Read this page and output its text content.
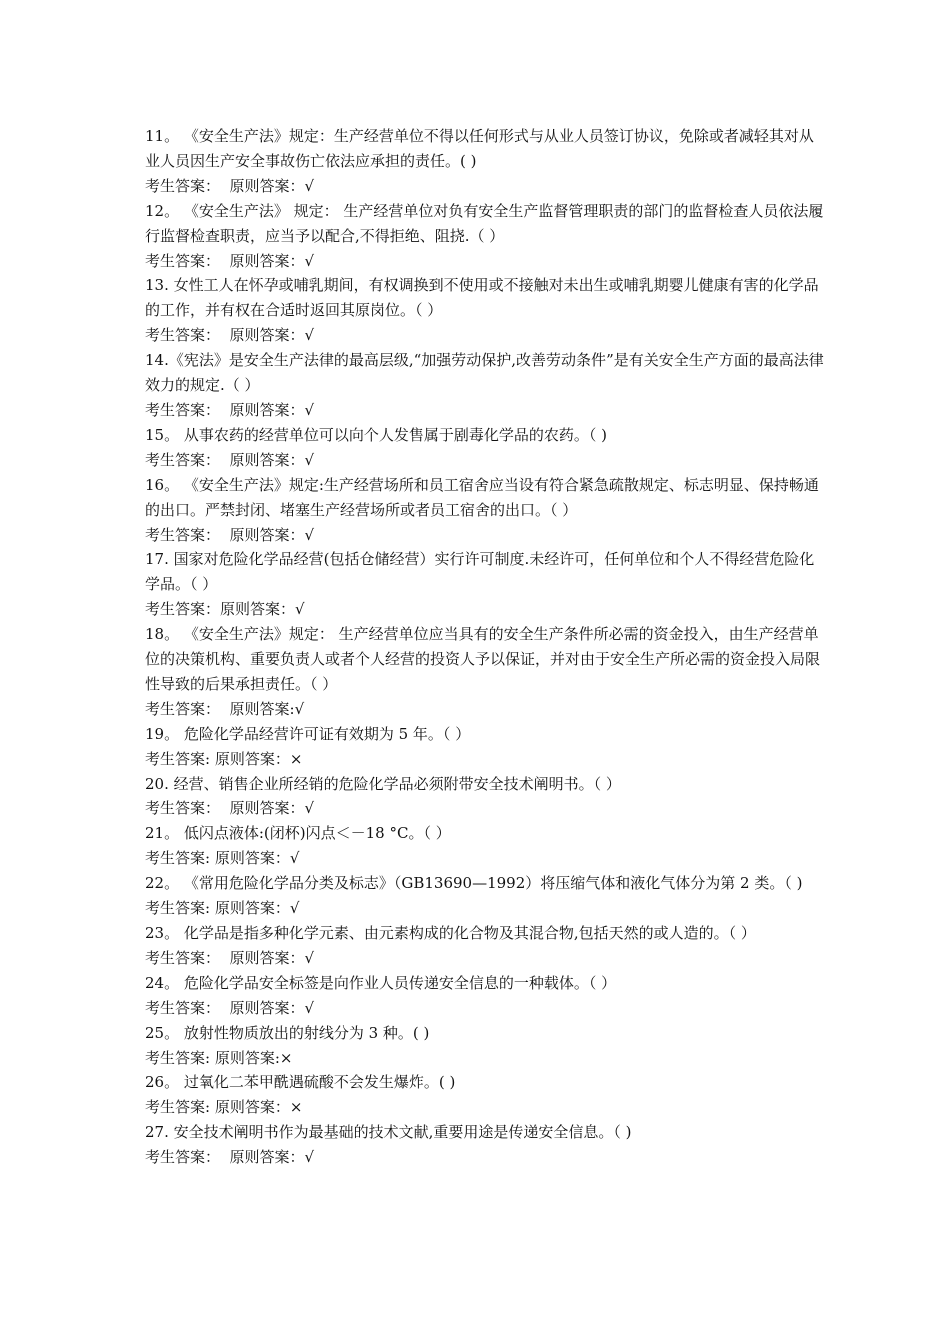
11。 《安全生产法》规定：生产经营单位不得以任何形式与从业人员签订协议，免除或者减轻其对从业人员因生产安全事故伤亡依法应承担的责任。( )

考生答案：  原则答案：√

12。 《安全生产法》 规定： 生产经营单位对负有安全生产监督管理职责的部门的监督检查人员依法履行监督检查职责，应当予以配合,不得拒绝、阻挠.（ ）

考生答案：  原则答案：√

13. 女性工人在怀孕或哺乳期间，有权调换到不使用或不接触对未出生或哺乳期婴儿健康有害的化学品的工作，并有权在合适时返回其原岗位。（ ）

考生答案：  原则答案：√

14.《宪法》是安全生产法律的最高层级,“加强劳动保护,改善劳动条件”是有关安全生产方面的最高法律效力的规定.（ ）

考生答案：  原则答案：√

15。 从事农药的经营单位可以向个人发售属于剧毒化学品的农药。（ )

考生答案：  原则答案：√

16。 《安全生产法》规定:生产经营场所和员工宿舍应当设有符合紧急疏散规定、标志明显、保持畅通的出口。严禁封闭、堵塞生产经营场所或者员工宿舍的出口。（ ）

考生答案：  原则答案：√

17. 国家对危险化学品经营(包括仓储经营）实行许可制度.未经许可，任何单位和个人不得经营危险化学品。（ ）

考生答案：原则答案：√

18。 《安全生产法》规定： 生产经营单位应当具有的安全生产条件所必需的资金投入，由生产经营单位的决策机构、重要负责人或者个人经营的投资人予以保证，并对由于安全生产所必需的资金投入局限性导致的后果承担责任。（ ）

考生答案：  原则答案:√

19。 危险化学品经营许可证有效期为 5 年。（ ）

考生答案: 原则答案：×

20. 经营、销售企业所经销的危险化学品必须附带安全技术阐明书。（ ）

考生答案：  原则答案：√

21。 低闪点液体:(闭杯)闪点＜－18 °C。（ ）

考生答案: 原则答案：√

22。 《常用危险化学品分类及标志》（GB13690—1992）将压缩气体和液化气体分为第 2 类。（ )

考生答案: 原则答案：√

23。 化学品是指多种化学元素、由元素构成的化合物及其混合物,包括天然的或人造的。（ ）

考生答案：  原则答案：√

24。 危险化学品安全标签是向作业人员传递安全信息的一种载体。（ ）

考生答案：  原则答案：√

25。 放射性物质放出的射线分为 3 种。( )

考生答案: 原则答案:×

26。 过氧化二苯甲酰遇硫酸不会发生爆炸。( )

考生答案: 原则答案：×

27. 安全技术阐明书作为最基础的技术文献,重要用途是传递安全信息。（ )

考生答案：  原则答案：√
